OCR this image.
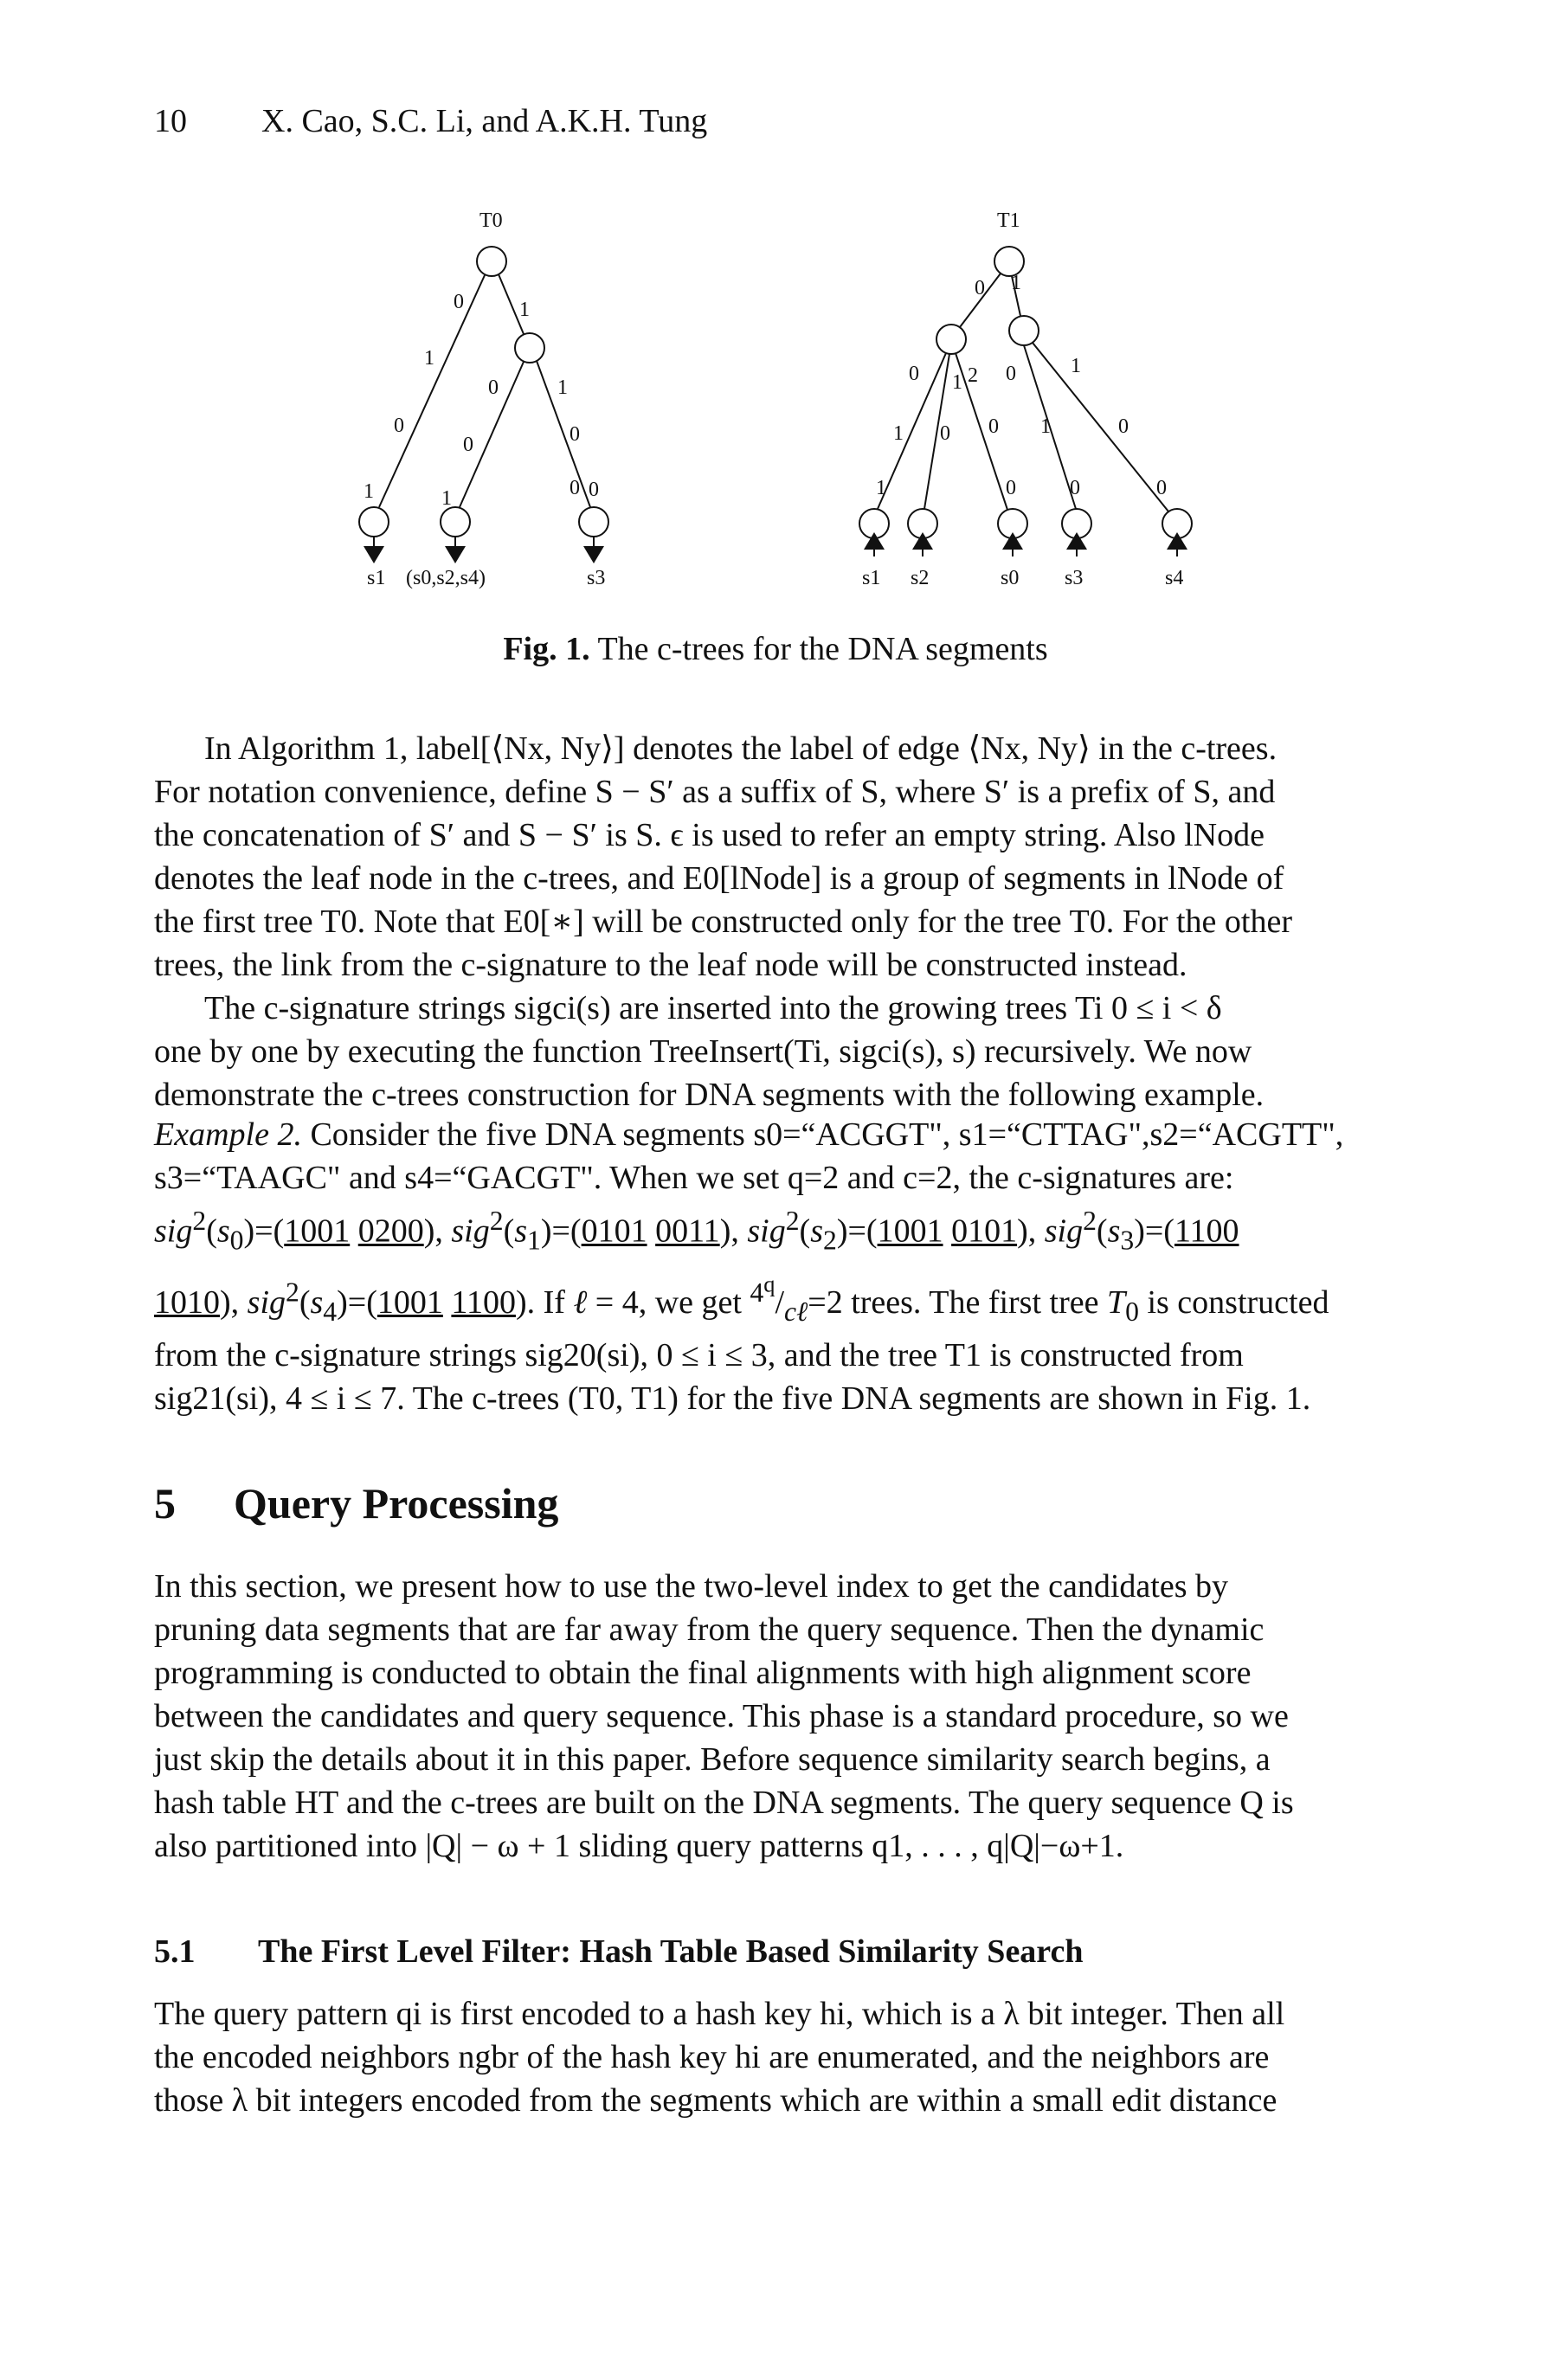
10 X. Cao, S.C. Li, and A.K.H. Tung
T0
0	1
1
0
0
1
0	0
1	1	0 0
s1 (s0,s2,s4)	s3
T1
0 1
0 1 2 0	1
1 0 0 1	0
1	0	0	0
s1 s2	s0 s3	s4
Fig. 1. The c-trees for the DNA segments
In Algorithm 1, label[⟨Nx, Ny⟩] denotes the label of edge ⟨Nx, Ny⟩ in the c-trees.
For notation convenience, define S − S′ as a suffix of S, where S′ is a prefix of S, and
the concatenation of S′ and S − S′ is S. ϵ is used to refer an empty string. Also lNode
denotes the leaf node in the c-trees, and E0[lNode] is a group of segments in lNode of
the first tree T0. Note that E0[∗] will be constructed only for the tree T0. For the other
trees, the link from the c-signature to the leaf node will be constructed instead.
The c-signature strings sigci(s) are inserted into the growing trees Ti 0 ≤ i < δ
one by one by executing the function TreeInsert(Ti, sigci(s), s) recursively. We now
demonstrate the c-trees construction for DNA segments with the following example.
Example 2. Consider the five DNA segments s0=“ACGGT", s1=“CTTAG",s2=“ACGTT",
s3=“TAAGC" and s4=“GACGT". When we set q=2 and c=2, the c-signatures are:
$sig^2(s_0)=(1001$ 0200), $sig^2(s_1)=(0101$ 0011), $sig^2(s_2)=(1001$ 0101), $sig^2(s_3)=(1100$
1010), $sig^2(s_4)=(1001$ 1100). If ℓ = 4, we get $^{4^q}/_{c\ell}=2$ trees. The first tree $T_0$ is constructed
from the c-signature strings sig20(si), 0 ≤ i ≤ 3, and the tree T1 is constructed from
sig21(si), 4 ≤ i ≤ 7. The c-trees (T0, T1) for the five DNA segments are shown in Fig. 1.
5 Query Processing
In this section, we present how to use the two-level index to get the candidates by
pruning data segments that are far away from the query sequence. Then the dynamic
programming is conducted to obtain the final alignments with high alignment score
between the candidates and query sequence. This phase is a standard procedure, so we
just skip the details about it in this paper. Before sequence similarity search begins, a
hash table HT and the c-trees are built on the DNA segments. The query sequence Q is
also partitioned into |Q| − ω + 1 sliding query patterns q1, . . . , q|Q|−ω+1.
5.1 The First Level Filter: Hash Table Based Similarity Search
The query pattern qi is first encoded to a hash key hi, which is a λ bit integer. Then all
the encoded neighbors ngbr of the hash key hi are enumerated, and the neighbors are
those λ bit integers encoded from the segments which are within a small edit distance
